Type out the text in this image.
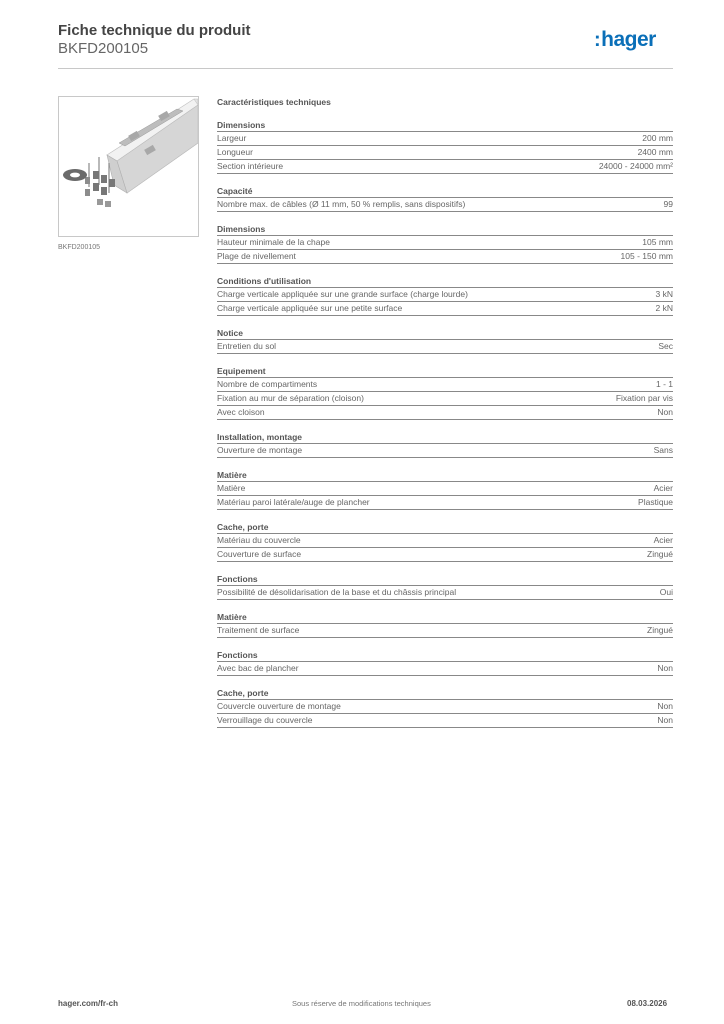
Fiche technique du produit
BKFD200105	:hager
BKFD200105
Caractéristiques techniques
Dimensions
Largeur	200 mm
Longueur	2400 mm
Section intérieure	24000 - 24000 mm²
Capacité
Nombre max. de câbles (Ø 11 mm, 50 % remplis, sans dispositifs)	99
Dimensions
Hauteur minimale de la chape	105 mm
Plage de nivellement	105 - 150 mm
Conditions d'utilisation
Charge verticale appliquée sur une grande surface (charge lourde)	3 kN
Charge verticale appliquée sur une petite surface	2 kN
Notice
Entretien du sol	Sec
Equipement
Nombre de compartiments	1 - 1
Fixation au mur de séparation (cloison)	Fixation par vis
Avec cloison	Non
Installation, montage
Ouverture de montage	Sans
Matière
Matière	Acier
Matériau paroi latérale/auge de plancher	Plastique
Cache, porte
Matériau du couvercle	Acier
Couverture de surface	Zingué
Fonctions
Possibilité de désolidarisation de la base et du châssis principal	Oui
Matière
Traitement de surface	Zingué
Fonctions
Avec bac de plancher	Non
Cache, porte
Couvercle ouverture de montage	Non
Verrouillage du couvercle	Non
hager.com/fr-ch	Sous réserve de modifications techniques	08.03.2026
